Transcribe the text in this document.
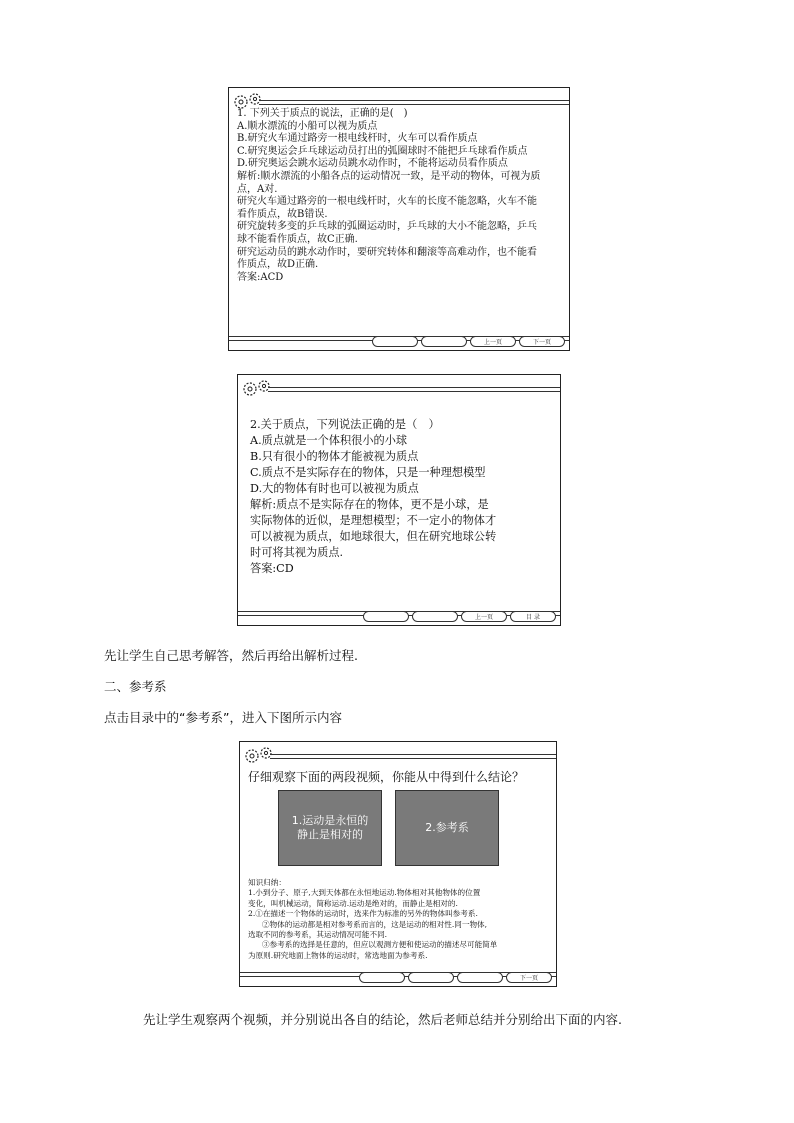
1. 下列关于质点的说法，正确的是(　)
A.顺水漂流的小船可以视为质点
B.研究火车通过路旁一根电线杆时，火车可以看作质点
C.研究奥运会乒乓球运动员打出的弧圈球时不能把乒乓球看作质点
D.研究奥运会跳水运动员跳水动作时，不能将运动员看作质点
解析:顺水漂流的小船各点的运动情况一致，是平动的物体，可视为质
点，A对.
研究火车通过路旁的一根电线杆时，火车的长度不能忽略，火车不能
看作质点，故B错误.
研究旋转多变的乒乓球的弧圈运动时，乒乓球的大小不能忽略，乒乓
球不能看作质点，故C正确.
研究运动员的跳水动作时，要研究转体和翻滚等高难动作，也不能看
作质点，故D正确.
答案:ACD
上一页	下一页
2.关于质点，下列说法正确的是（　）
A.质点就是一个体积很小的小球
B.只有很小的物体才能被视为质点
C.质点不是实际存在的物体，只是一种理想模型
D.大的物体有时也可以被视为质点
解析:质点不是实际存在的物体，更不是小球，是
实际物体的近似，是理想模型；不一定小的物体才
可以被视为质点，如地球很大，但在研究地球公转
时可将其视为质点.
答案:CD
上一页	目 录
先让学生自己思考解答，然后再给出解析过程.
二、参考系
点击目录中的“参考系”，进入下图所示内容
仔细观察下面的两段视频，你能从中得到什么结论？
1.运动是永恒的
静止是相对的
2.参考系
知识归纳：
1.小到分子、原子,大到天体都在永恒地运动.物体相对其他物体的位置
变化，叫机械运动，简称运动.运动是绝对的，而静止是相对的.
2.①在描述一个物体的运动时，选来作为标准的另外的物体叫参考系.
②物体的运动都是相对参考系而言的，这是运动的相对性.同一物体,
选取不同的参考系，其运动情况可能不同.
③参考系的选择是任意的，但应以观测方便和使运动的描述尽可能简单
为原则.研究地面上物体的运动时，常选地面为参考系.
下一页
先让学生观察两个视频，并分别说出各自的结论，然后老师总结并分别给出下面的内容.
